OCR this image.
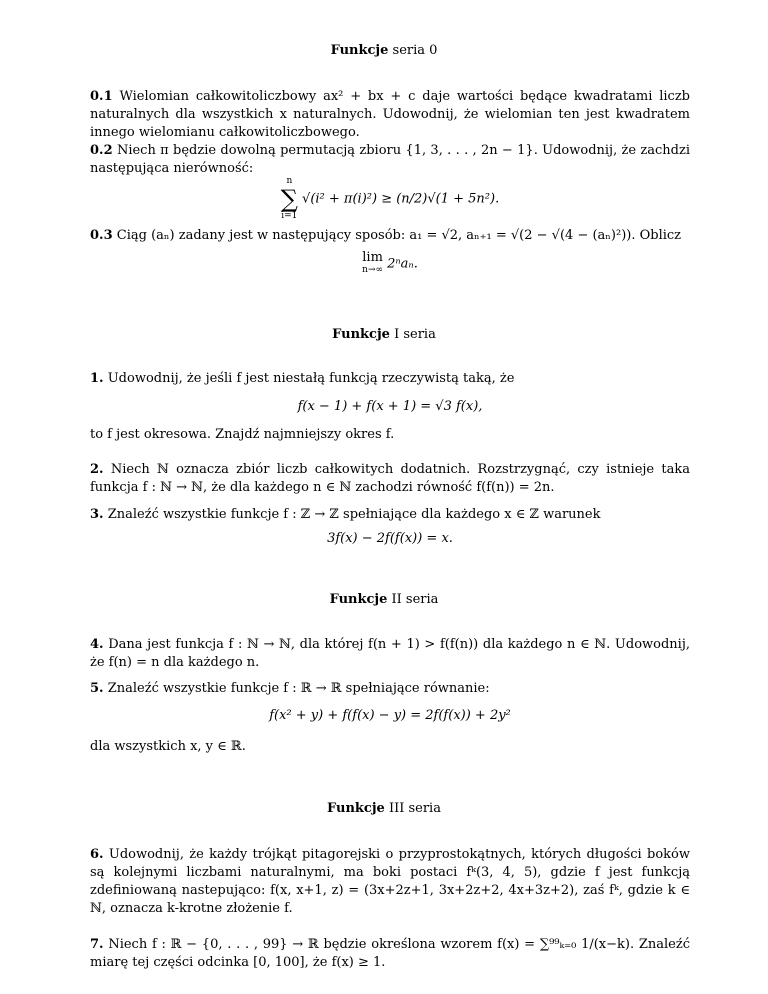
Funkcje seria 0
0.1 Wielomian całkowitoliczbowy ax² + bx + c daje wartości będące kwadratami liczb naturalnych dla wszystkich x naturalnych. Udowodnij, że wielomian ten jest kwadratem innego wielomianu całkowitoliczbowego.
0.2 Niech π będzie dowolną permutacją zbioru {1, 3, . . . , 2n − 1}. Udowodnij, że zachdzi następująca nierówność:
n
∑
i=1
√(i² + π(i)²) ≥ (n/2)√(1 + 5n²).
0.3 Ciąg (aₙ) zadany jest w następujący sposób: a₁ = √2, aₙ₊₁ = √(2 − √(4 − (aₙ)²)). Oblicz
lim
n→∞ 2ⁿaₙ.
Funkcje I seria
1. Udowodnij, że jeśli f jest niestałą funkcją rzeczywistą taką, że
f(x − 1) + f(x + 1) = √3 f(x),
to f jest okresowa. Znajdź najmniejszy okres f.
2. Niech ℕ oznacza zbiór liczb całkowitych dodatnich. Rozstrzygnąć, czy istnieje taka funkcja f : ℕ → ℕ, że dla każdego n ∈ ℕ zachodzi równość f(f(n)) = 2n.
3. Znaleźć wszystkie funkcje f : ℤ → ℤ spełniające dla każdego x ∈ ℤ warunek
3f(x) − 2f(f(x)) = x.
Funkcje II seria
4. Dana jest funkcja f : ℕ → ℕ, dla której f(n + 1) > f(f(n)) dla każdego n ∈ ℕ. Udowodnij, że f(n) = n dla każdego n.
5. Znaleźć wszystkie funkcje f : ℝ → ℝ spełniające równanie:
f(x² + y) + f(f(x) − y) = 2f(f(x)) + 2y²
dla wszystkich x, y ∈ ℝ.
Funkcje III seria
6. Udowodnij, że każdy trójkąt pitagorejski o przyprostokątnych, których długości boków są kolejnymi liczbami naturalnymi, ma boki postaci fᵏ(3, 4, 5), gdzie f jest funkcją zdefiniowaną nastepująco: f(x, x+1, z) = (3x+2z+1, 3x+2z+2, 4x+3z+2), zaś fᵏ, gdzie k ∈ ℕ, oznacza k-krotne złożenie f.
7. Niech f : ℝ − {0, . . . , 99} → ℝ będzie określona wzorem f(x) = ∑⁹⁹ₖ₌₀ 1/(x−k). Znaleźć miarę tej części odcinka [0, 100], że f(x) ≥ 1.
